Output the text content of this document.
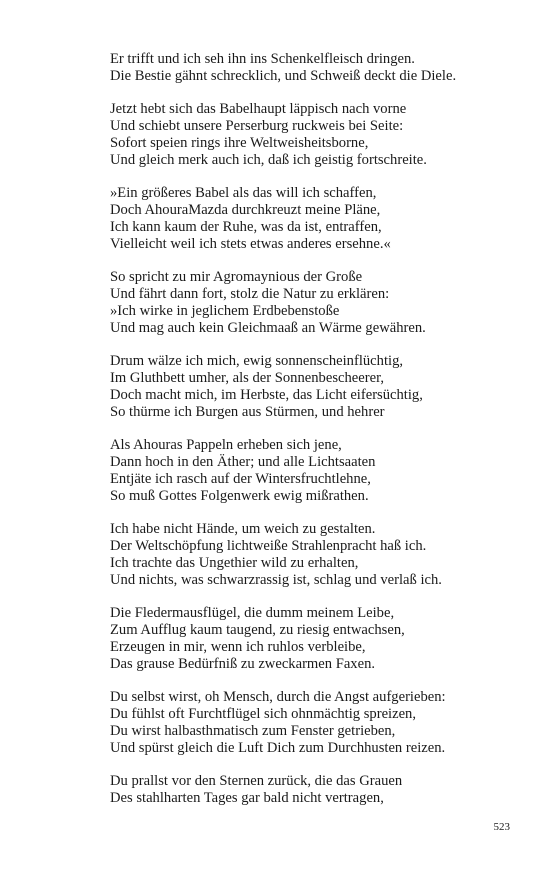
Er trifft und ich seh ihn ins Schenkelfleisch dringen.
Die Bestie gähnt schrecklich, und Schweiß deckt die Diele.
Jetzt hebt sich das Babelhaupt läppisch nach vorne
Und schiebt unsere Perserburg ruckweis bei Seite:
Sofort speien rings ihre Weltweisheitsborne,
Und gleich merk auch ich, daß ich geistig fortschreite.
»Ein größeres Babel als das will ich schaffen,
Doch AhouraMazda durchkreuzt meine Pläne,
Ich kann kaum der Ruhe, was da ist, entraffen,
Vielleicht weil ich stets etwas anderes ersehne.«
So spricht zu mir Agromaynious der Große
Und fährt dann fort, stolz die Natur zu erklären:
»Ich wirke in jeglichem Erdbebenstoße
Und mag auch kein Gleichmaaß an Wärme gewähren.
Drum wälze ich mich, ewig sonnenscheinflüchtig,
Im Gluthbett umher, als der Sonnenbescheerer,
Doch macht mich, im Herbste, das Licht eifersüchtig,
So thürme ich Burgen aus Stürmen, und hehrer
Als Ahouras Pappeln erheben sich jene,
Dann hoch in den Äther; und alle Lichtsaaten
Entjäte ich rasch auf der Wintersfruchtlehne,
So muß Gottes Folgenwerk ewig mißrathen.
Ich habe nicht Hände, um weich zu gestalten.
Der Weltschöpfung lichtweiße Strahlenpracht haß ich.
Ich trachte das Ungethier wild zu erhalten,
Und nichts, was schwarzrassig ist, schlag und verlaß ich.
Die Fledermausflügel, die dumm meinem Leibe,
Zum Aufflug kaum taugend, zu riesig entwachsen,
Erzeugen in mir, wenn ich ruhlos verbleibe,
Das grause Bedürfniß zu zweckarmen Faxen.
Du selbst wirst, oh Mensch, durch die Angst aufgerieben:
Du fühlst oft Furchtflügel sich ohnmächtig spreizen,
Du wirst halbasthmatisch zum Fenster getrieben,
Und spürst gleich die Luft Dich zum Durchhusten reizen.
Du prallst vor den Sternen zurück, die das Grauen
Des stahlharten Tages gar bald nicht vertragen,
523
